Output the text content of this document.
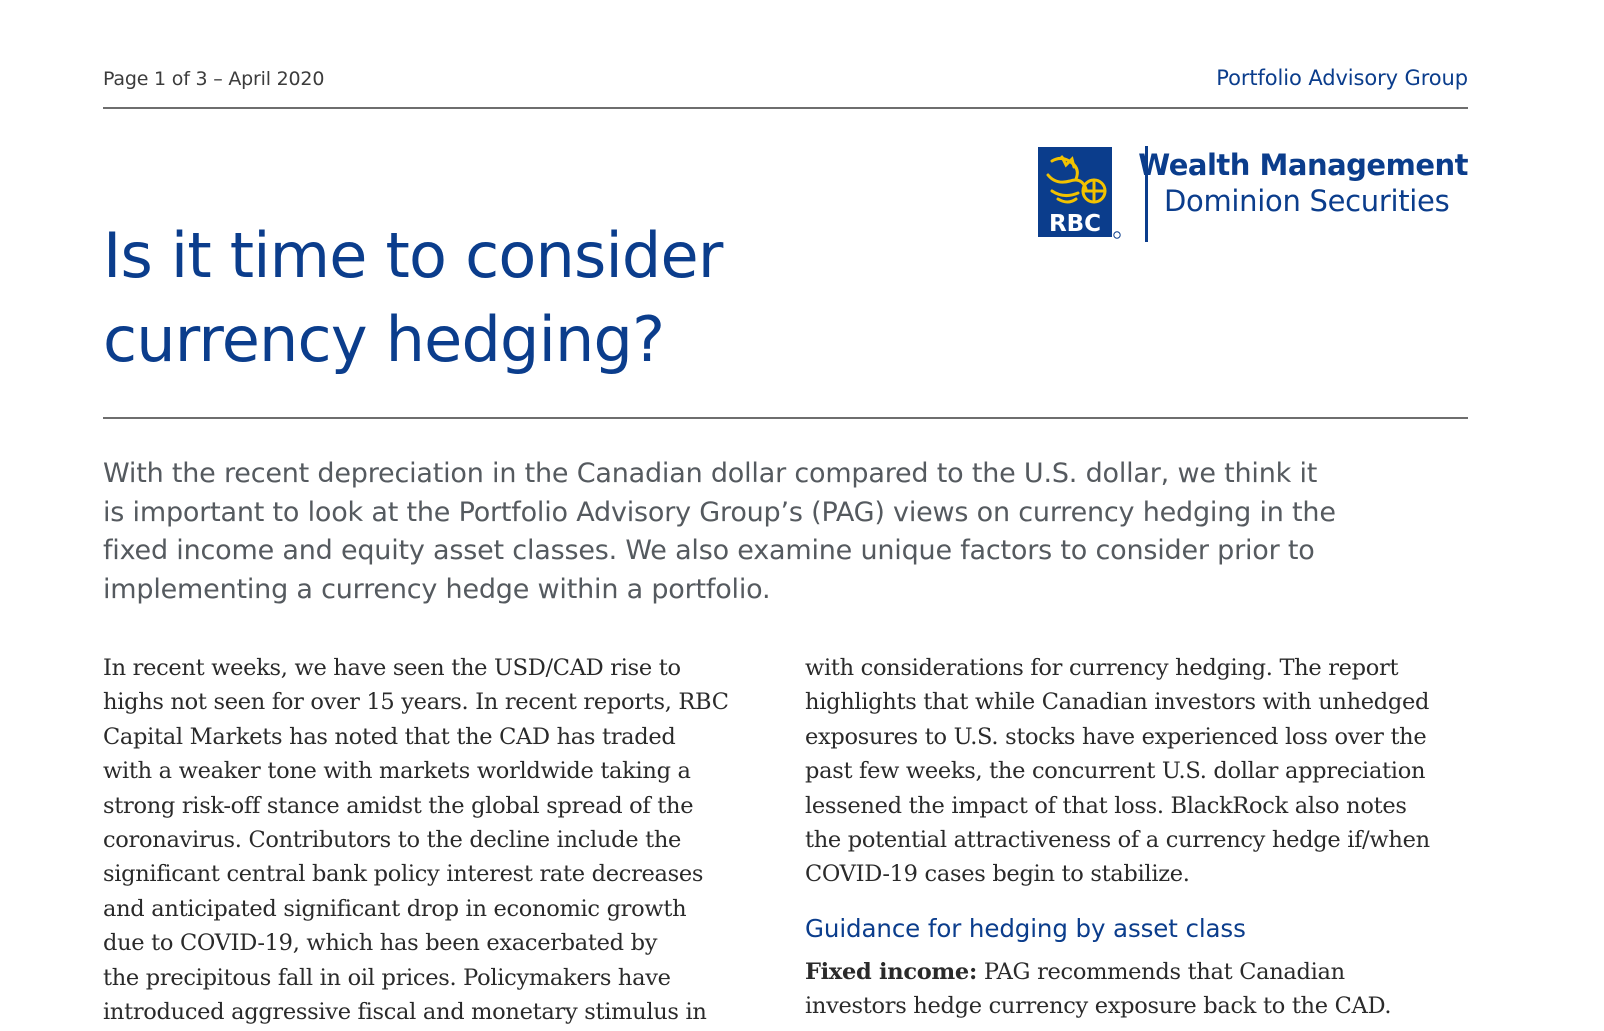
Page 1 of 3 – April 2020	Portfolio Advisory Group
RBC
Wealth Management
Dominion Securities
Is it time to consider
currency hedging?

With the recent depreciation in the Canadian dollar compared to the U.S. dollar, we think it
is important to look at the Portfolio Advisory Group’s (PAG) views on currency hedging in the
fixed income and equity asset classes. We also examine unique factors to consider prior to
implementing a currency hedge within a portfolio.

In recent weeks, we have seen the USD/CAD rise to
highs not seen for over 15 years. In recent reports, RBC
Capital Markets has noted that the CAD has traded
with a weaker tone with markets worldwide taking a
strong risk-off stance amidst the global spread of the
coronavirus. Contributors to the decline include the
significant central bank policy interest rate decreases
and anticipated significant drop in economic growth
due to COVID-19, which has been exacerbated by
the precipitous fall in oil prices. Policymakers have
introduced aggressive fiscal and monetary stimulus in
with considerations for currency hedging. The report
highlights that while Canadian investors with unhedged
exposures to U.S. stocks have experienced loss over the
past few weeks, the concurrent U.S. dollar appreciation
lessened the impact of that loss. BlackRock also notes
the potential attractiveness of a currency hedge if/when
COVID-19 cases begin to stabilize.
Guidance for hedging by asset class
Fixed income: PAG recommends that Canadian
investors hedge currency exposure back to the CAD.
